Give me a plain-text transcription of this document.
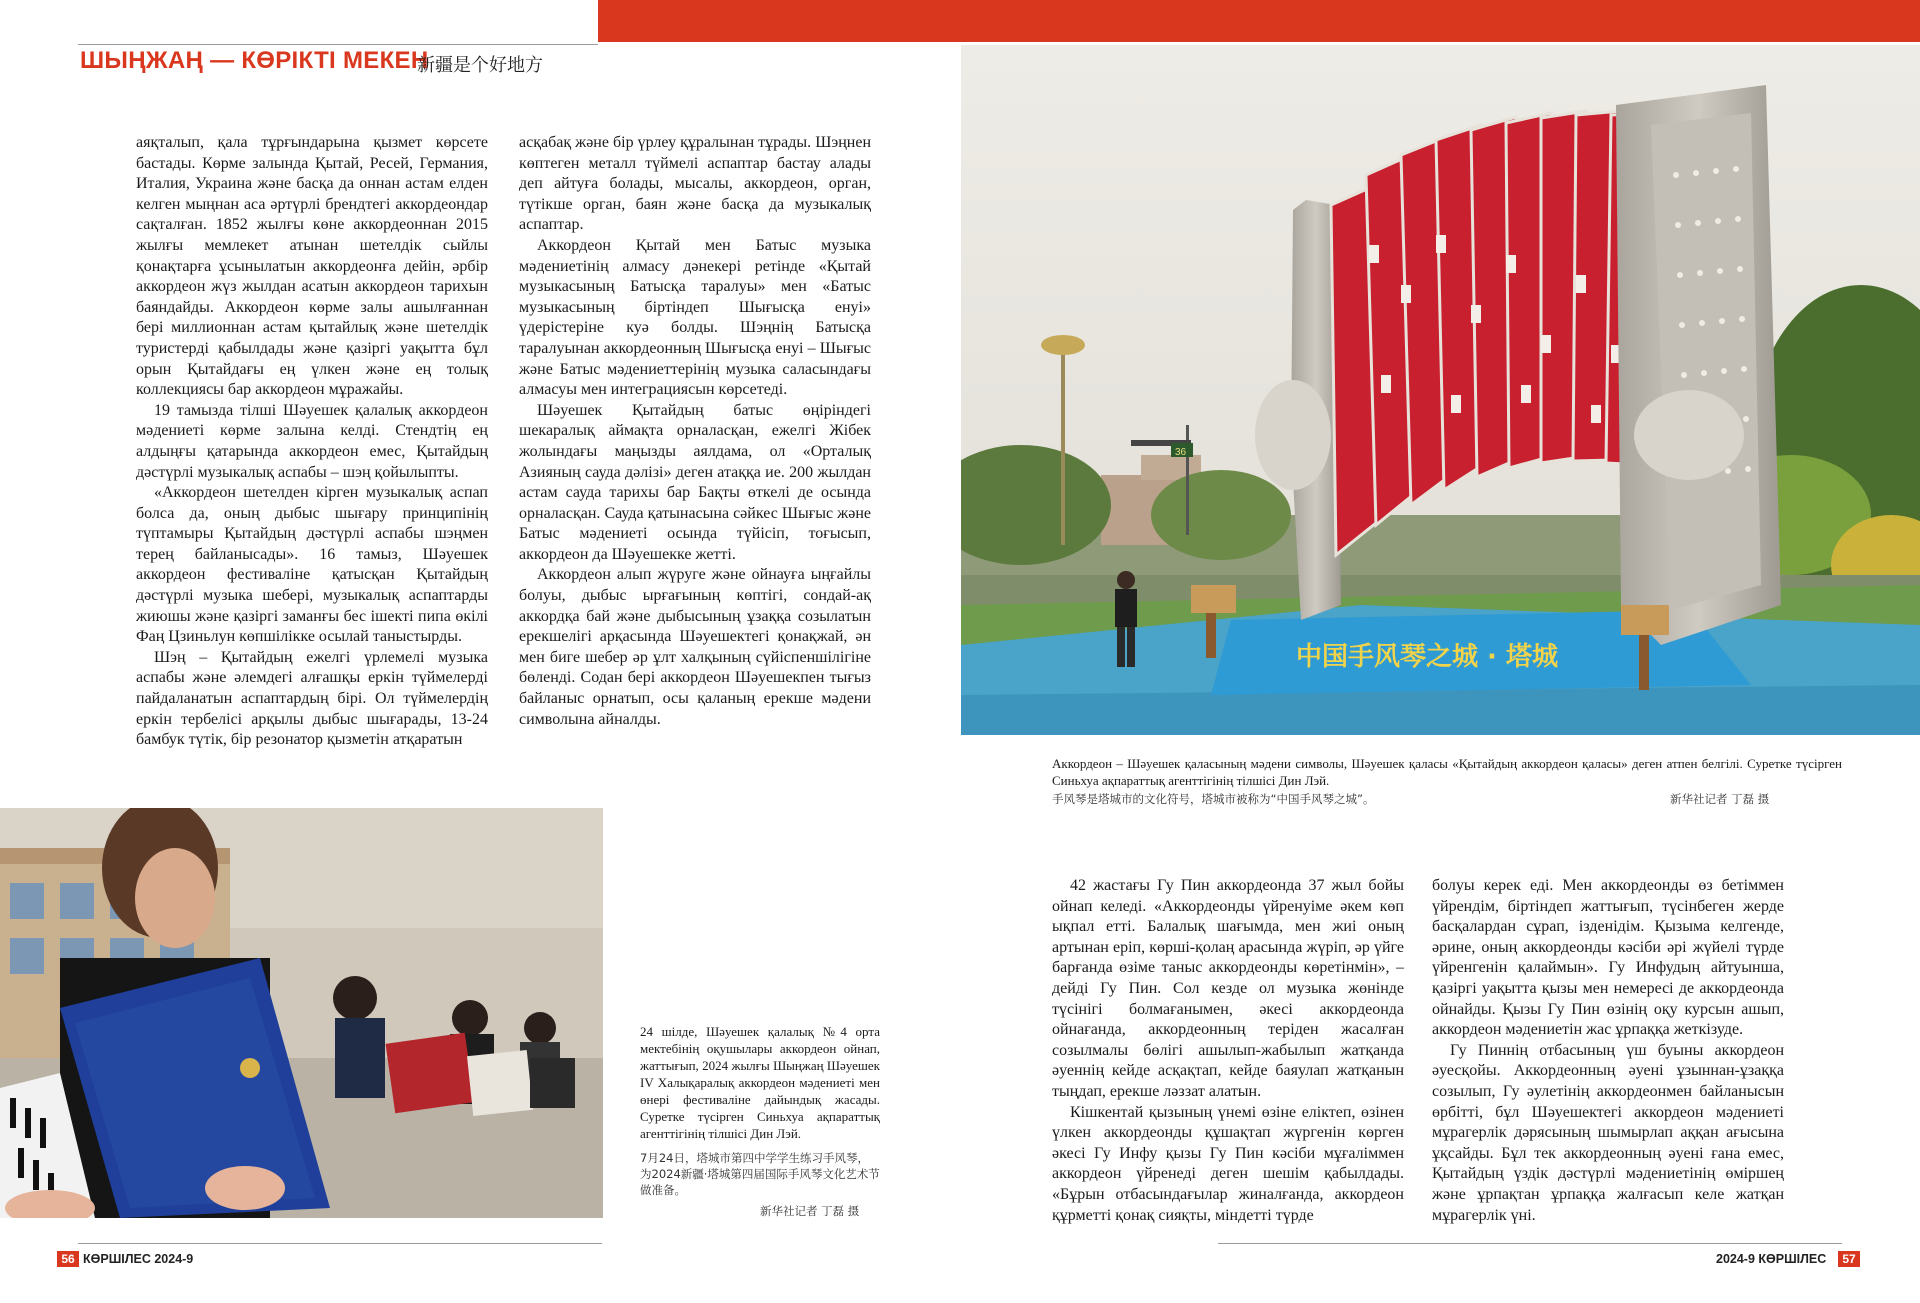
ШЫҢЖАҢ — КӨРІКТІ МЕКЕН
新疆是个好地方

аяқталып, қала тұрғындарына қызмет көрсете бастады. Көрме залында Қытай, Ресей, Германия, Италия, Украина және басқа да оннан астам елден келген мыңнан аса әртүрлі брендтегі аккордеондар сақталған. 1852 жылғы көне аккордеоннан 2015 жылғы мемлекет атынан шетелдік сыйлы қонақтарға ұсынылатын аккордеонға дейін, әрбір аккордеон жүз жылдан асатын аккордеон тарихын баяндайды. Аккордеон көрме залы ашылғаннан бері миллионнан астам қытайлық және шетелдік туристерді қабылдады және қазіргі уақытта бұл орын Қытайдағы ең үлкен және ең толық коллекциясы бар аккордеон мұражайы.

19 тамызда тілші Шәуешек қалалық аккордеон мәдениеті көрме залына келді. Стендтің ең алдыңғы қатарында аккордеон емес, Қытайдың дәстүрлі музыкалық аспабы – шэң қойылыпты.

«Аккордеон шетелден кірген музыкалық аспап болса да, оның дыбыс шығару принципінің түптамыры Қытайдың дәстүрлі аспабы шэңмен терең байланысады». 16 тамыз, Шәуешек аккордеон фестиваліне қатысқан Қытайдың дәстүрлі музыка шебері, музыкалық аспаптарды жиюшы және қазіргі заманғы бес ішекті пипа өкілі Фаң Цзиньлун көпшілікке осылай таныстырды.

Шэң – Қытайдың ежелгі үрлемелі музыка аспабы және әлемдегі алғашқы еркін түймелерді пайдаланатын аспаптардың бірі. Ол түймелердің еркін тербелісі арқылы дыбыс шығарады, 13-24 бамбук түтік, бір резонатор қызметін атқаратын

асқабақ және бір үрлеу құралынан тұрады. Шэңнен көптеген металл түймелі аспаптар бастау алады деп айтуға болады, мысалы, аккордеон, орган, түтікше орган, баян және басқа да музыкалық аспаптар.

Аккордеон Қытай мен Батыс музыка мәдениетінің алмасу дәнекері ретінде «Қытай музыкасының Батысқа таралуы» мен «Батыс музыкасының біртіндеп Шығысқа енуі» үдерістеріне куә болды. Шэңнің Батысқа таралуынан аккордеонның Шығысқа енуі – Шығыс және Батыс мәдениеттерінің музыка саласындағы алмасуы мен интеграциясын көрсетеді.

Шәуешек Қытайдың батыс өңіріндегі шекаралық аймақта орналасқан, ежелгі Жібек жолындағы маңызды аялдама, ол «Орталық Азияның сауда дәлізі» деген атаққа ие. 200 жылдан астам сауда тарихы бар Бақты өткелі де осында орналасқан. Сауда қатынасына сәйкес Шығыс және Батыс мәдениеті осында түйісіп, тоғысып, аккордеон да Шәуешекке жетті.

Аккордеон алып жүруге және ойнауға ыңғайлы болуы, дыбыс ырғағының көптігі, сондай-ақ аккордқа бай және дыбысының ұзаққа созылатын ерекшелігі арқасында Шәуешектегі қонақжай, ән мен биге шебер әр ұлт халқының сүйіспеншілігіне бөленді. Содан бері аккордеон Шәуешекпен тығыз байланыс орнатып, осы қаланың ерекше мәдени символына айналды.

36
中国手风琴之城 · 塔城
Аккордеон – Шәуешек қаласының мәдени символы, Шәуешек қаласы «Қытайдың аккордеон қаласы» деген атпен белгілі. Суретке түсірген Синьхуа ақпараттық агенттігінің тілшісі Дин Лэй.
手风琴是塔城市的文化符号，塔城市被称为“中国手风琴之城”。	新华社记者 丁磊 摄
24 шілде, Шәуешек қалалық №4 орта мектебінің оқушылары аккордеон ойнап, жаттығып, 2024 жылғы Шыңжаң Шәуешек IV Халықаралық аккордеон мәдениеті мен өнері фестиваліне дайындық жасады. Суретке түсірген Синьхуа ақпараттық агенттігінің тілшісі Дин Лэй.
7月24日，塔城市第四中学学生练习手风琴，为2024新疆·塔城第四届国际手风琴文化艺术节做准备。
新华社记者 丁磊 摄

42 жастағы Гу Пин аккордеонда 37 жыл бойы ойнап келеді. «Аккордеонды үйренуіме әкем көп ықпал етті. Балалық шағымда, мен жиі оның артынан еріп, көрші-қолаң арасында жүріп, әр үйге барғанда өзіме таныс аккордеонды көретінмін», – дейді Гу Пин. Сол кезде ол музыка жөнінде түсінігі болмағанымен, әкесі аккордеонда ойнағанда, аккордеонның теріден жасалған созылмалы бөлігі ашылып-жабылып жатқанда әуеннің кейде асқақтап, кейде баяулап жатқанын тыңдап, ерекше ләззат алатын.

Кішкентай қызының үнемі өзіне еліктеп, өзінен үлкен аккордеонды құшақтап жүргенін көрген әкесі Гу Инфу қызы Гу Пин кәсіби мұғаліммен аккордеон үйренеді деген шешім қабылдады. «Бұрын отбасындағылар жиналғанда, аккордеон құрметті қонақ сияқты, міндетті түрде

болуы керек еді. Мен аккордеонды өз бетіммен үйрендім, біртіндеп жаттығып, түсінбеген жерде басқалардан сұрап, ізденідім. Қызыма келгенде, әрине, оның аккордеонды кәсіби әрі жүйелі түрде үйренгенін қалаймын». Гу Инфудың айтуынша, қазіргі уақытта қызы мен немересі де аккордеонда ойнайды. Қызы Гу Пин өзінің оқу курсын ашып, аккордеон мәдениетін жас ұрпаққа жеткізуде.

Гу Пиннің отбасының үш буыны аккордеон әуесқойы. Аккордеонның әуені ұзыннан-ұзаққа созылып, Гу әулетінің аккордеонмен байланысын өрбітті, бұл Шәуешектегі аккордеон мәдениеті мұрагерлік дәрясының шымырлап аққан ағысына ұқсайды. Бұл тек аккордеонның әуені ғана емес, Қытайдың үздік дәстүрлі мәдениетінің өміршең және ұрпақтан ұрпаққа жалғасып келе жатқан мұрагерлік үні.

56 КӨРШІЛЕС 2024-9	2024-9 КӨРШІЛЕС	57
